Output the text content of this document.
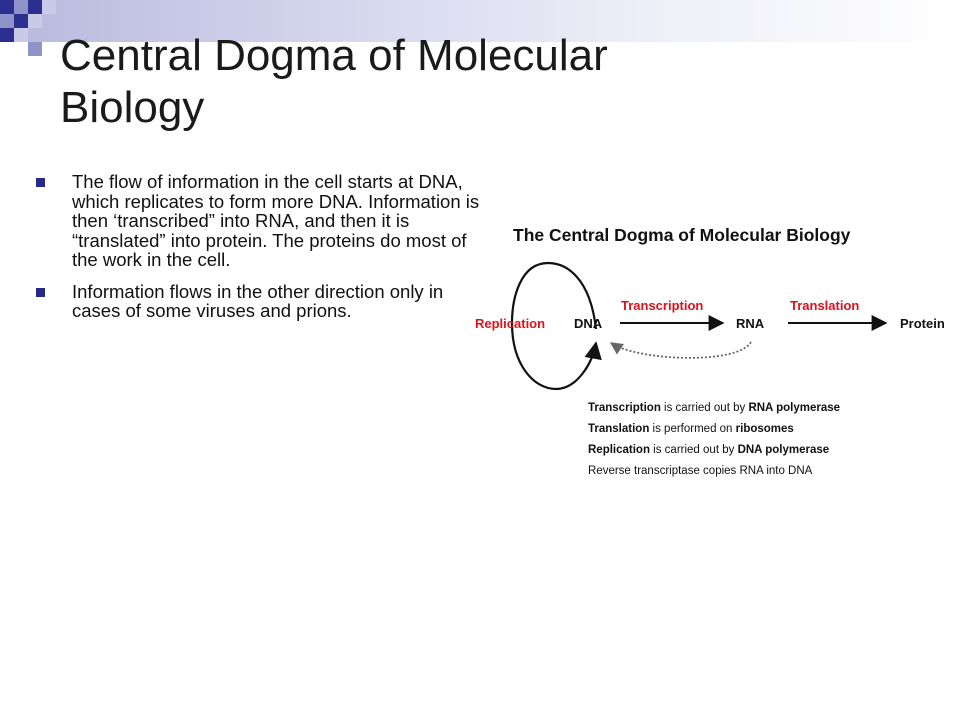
Central Dogma of Molecular Biology
The flow of information in the cell starts at DNA, which replicates to form more DNA. Information is then ‘transcribed” into RNA, and then it is “translated” into protein. The proteins do most of the work in the cell.
Information flows in the other direction only in cases of some viruses and prions.
The Central Dogma of Molecular Biology
Replication DNA
Transcription
RNA
Translation
Protein
Transcription is carried out by RNA polymerase
Translation is performed on ribosomes
Replication is carried out by DNA polymerase
Reverse transcriptase copies RNA into DNA
